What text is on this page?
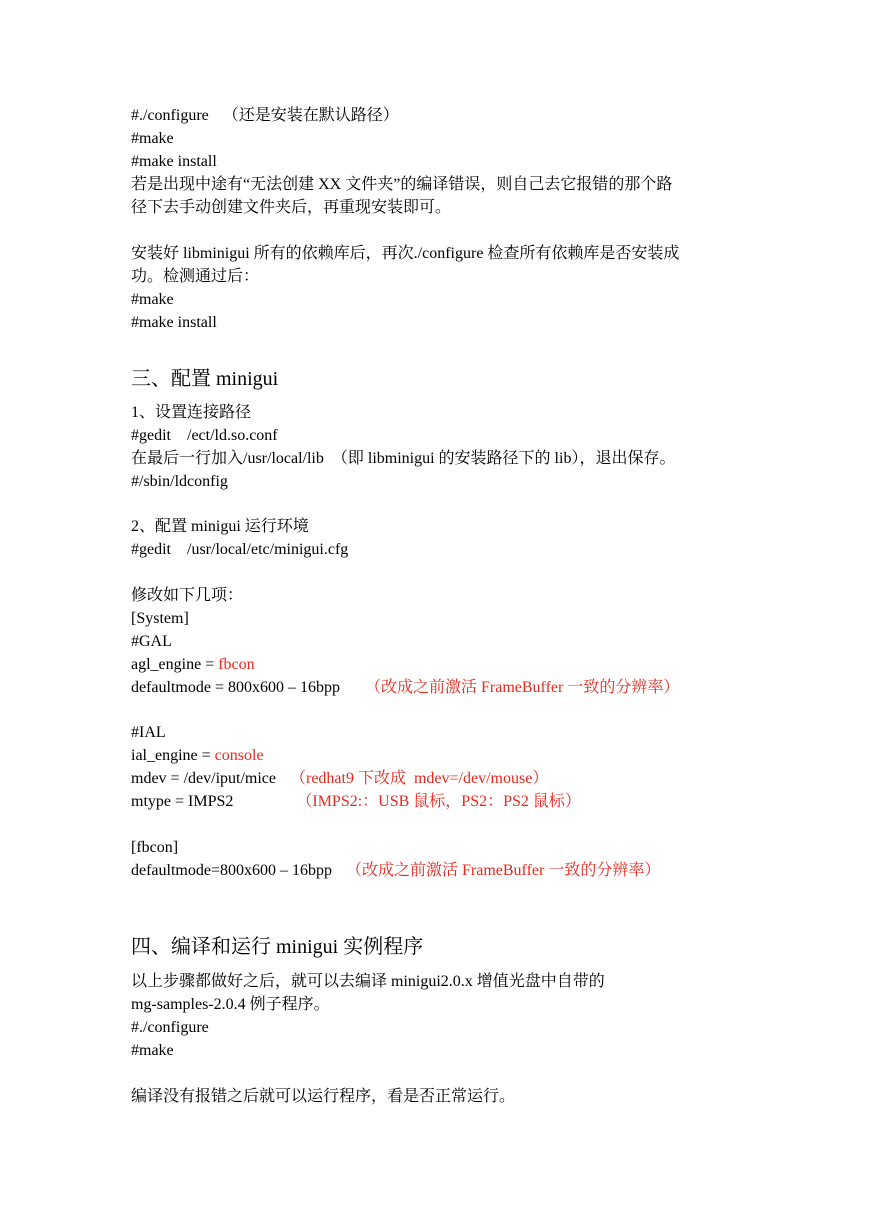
#./configure （还是安装在默认路径）
#make
#make install
若是出现中途有“无法创建 XX 文件夹”的编译错误，则自己去它报错的那个路
径下去手动创建文件夹后，再重现安装即可。
安装好 libminigui 所有的依赖库后，再次./configure 检查所有依赖库是否安装成
功。检测通过后：
#make
#make install
三、配置 minigui
1、设置连接路径
#gedit    /ect/ld.so.conf
在最后一行加入/usr/local/lib  （即 libminigui 的安装路径下的 lib），退出保存。
#/sbin/ldconfig
2、配置 minigui 运行环境
#gedit    /usr/local/etc/minigui.cfg
修改如下几项：
[System]
#GAL
agl_engine = fbcon
defaultmode = 800x600 – 16bpp （改成之前激活 FrameBuffer 一致的分辨率）
#IAL
ial_engine = console
mdev = /dev/iput/mice （redhat9 下改成  mdev=/dev/mouse）
mtype = IMPS2	（IMPS2:：USB 鼠标，PS2：PS2 鼠标）
[fbcon]
defaultmode=800x600 – 16bpp （改成之前激活 FrameBuffer 一致的分辨率）
四、编译和运行 minigui 实例程序
以上步骤都做好之后，就可以去编译 minigui2.0.x 增值光盘中自带的
mg-samples-2.0.4 例子程序。
#./configure
#make
编译没有报错之后就可以运行程序，看是否正常运行。
